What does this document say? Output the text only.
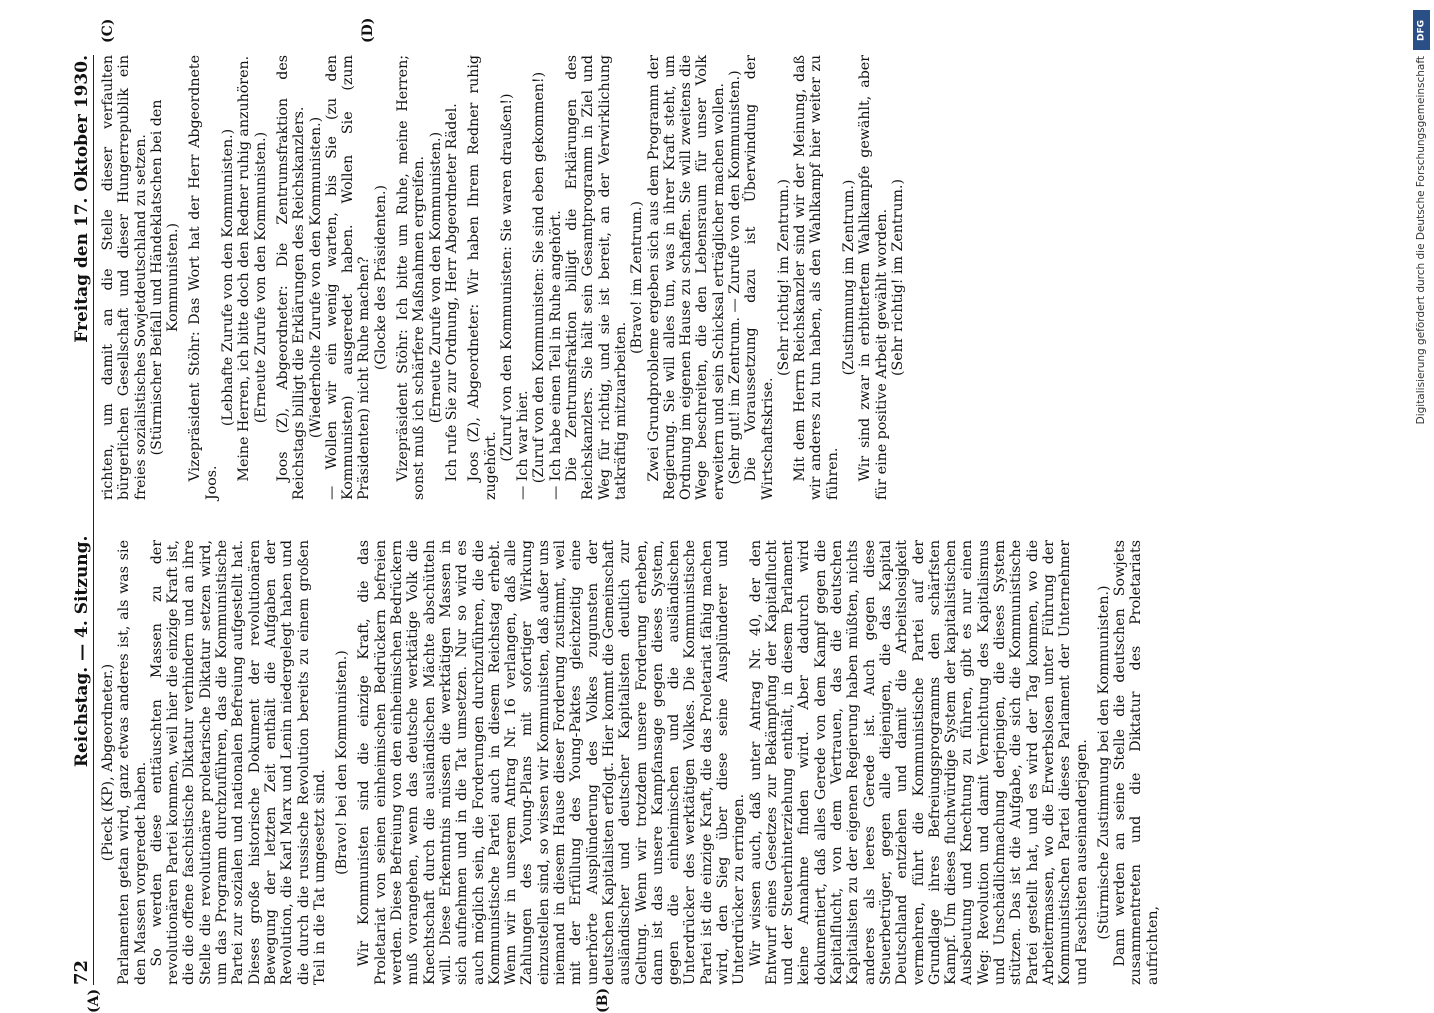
72
Reichstag. — 4. Sitzung.
Freitag den 17. Oktober 1930.
(A)	(B)
(C)	(D)

(Pieck (KP), Abgeordneter.) Parlamenten getan wird, ganz etwas anderes ist, als was sie den Massen vorgeredet haben. So werden diese enttäuschten Massen zu der revolutionären Partei kommen, weil hier die einzige Kraft ist, die die offene faschistische Diktatur verhindern und an ihre Stelle die revolutionäre proletarische Diktatur setzen wird, um das Programm durchzuführen, das die Kommunistische Partei zur sozialen und nationalen Befreiung aufgestellt hat. Dieses große historische Dokument der revolutionären Bewegung der letzten Zeit enthält die Aufgaben der Revolution, die Karl Marx und Lenin niedergelegt haben und die durch die russische Revolution bereits zu einem großen Teil in die Tat umgesetzt sind.

(Bravo! bei den Kommunisten.) Wir Kommunisten sind die einzige Kraft, die das Proletariat von seinen einheimischen Bedrückern befreien werden. Diese Befreiung von den einheimischen Bedrückern muß vorangehen, wenn das deutsche werktätige Volk die Knechtschaft durch die ausländischen Mächte abschütteln will. Diese Erkenntnis müssen die werktätigen Massen in sich aufnehmen und in die Tat umsetzen. Nur so wird es auch möglich sein, die Forderungen durchzuführen, die die Kommunistische Partei auch in diesem Reichstag erhebt. Wenn wir in unserem Antrag Nr. 16 verlangen, daß alle Zahlungen des Young-Plans mit sofortiger Wirkung einzustellen sind, so wissen wir Kommunisten, daß außer uns niemand in diesem Hause dieser Forderung zustimmt, weil mit der Erfüllung des Young-Paktes gleichzeitig eine unerhörte Ausplünderung des Volkes zugunsten der deutschen Kapitalisten erfolgt. Hier kommt die Gemeinschaft ausländischer und deutscher Kapitalisten deutlich zur Geltung. Wenn wir trotzdem unsere Forderung erheben, dann ist das unsere Kampfansage gegen dieses System, gegen die einheimischen und die ausländischen Unterdrücker des werktätigen Volkes. Die Kommunistische Partei ist die einzige Kraft, die das Proletariat fähig machen wird, den Sieg über diese seine Ausplünderer und Unterdrücker zu erringen. Wir wissen auch, daß unter Antrag Nr. 40, der den Entwurf eines Gesetzes zur Bekämpfung der Kapitalflucht und der Steuerhinterziehung enthält, in diesem Parlament keine Annahme finden wird. Aber dadurch wird dokumentiert, daß alles Gerede von dem Kampf gegen die Kapitalflucht, von dem Vertrauen, das die deutschen Kapitalisten zu der eigenen Regierung haben müßten, nichts anderes als leeres Gerede ist. Auch gegen diese Steuerbetrüger, gegen alle diejenigen, die das Kapital Deutschland entziehen und damit die Arbeitslosigkeit vermehren, führt die Kommunistische Partei auf der Grundlage ihres Befreiungsprogramms den schärfsten Kampf. Um dieses fluchwürdige System der kapitalistischen Ausbeutung und Knechtung zu führen, gibt es nur einen Weg: Revolution und damit Vernichtung des Kapitalismus und Unschädlichmachung derjenigen, die dieses System stützen. Das ist die Aufgabe, die sich die Kommunistische Partei gestellt hat, und es wird der Tag kommen, wo die Arbeitermassen, wo die Erwerbslosen unter Führung der Kommunistischen Partei dieses Parlament der Unternehmer und Faschisten auseinanderjagen. (Stürmische Zustimmung bei den Kommunisten.) Dann werden an seine Stelle die deutschen Sowjets zusammentreten und die Diktatur des Proletariats aufrichten,

richten, um damit an die Stelle dieser verfaulten bürgerlichen Gesellschaft und dieser Hungerrepublik ein freies sozialistisches Sowjetdeutschland zu setzen. (Stürmischer Beifall und Händeklatschen bei den Kommunisten.) Vizepräsident Stöhr: Das Wort hat der Herr Abgeordnete Joos.

(Lebhafte Zurufe von den Kommunisten.) Meine Herren, ich bitte doch den Redner ruhig anzuhören. (Erneute Zurufe von den Kommunisten.) Joos (Z), Abgeordneter: Die Zentrumsfraktion des Reichstags billigt die Erklärungen des Reichskanzlers. (Wiederholte Zurufe von den Kommunisten.) — Wollen wir ein wenig warten, bis Sie (zu den Kommunisten) ausgeredet haben. Wollen Sie (zum Präsidenten) nicht Ruhe machen? (Glocke des Präsidenten.) Vizepräsident Stöhr: Ich bitte um Ruhe, meine Herren; sonst muß ich schärfere Maßnahmen ergreifen. (Erneute Zurufe von den Kommunisten.) Ich rufe Sie zur Ordnung, Herr Abgeordneter Rädel. Joos (Z), Abgeordneter: Wir haben Ihrem Redner ruhig zugehört.

(Zuruf von den Kommunisten: Sie waren draußen!) — Ich war hier. (Zuruf von den Kommunisten: Sie sind eben gekommen!) — Ich habe einen Teil in Ruhe angehört. Die Zentrumsfraktion billigt die Erklärungen des Reichskanzlers. Sie hält sein Gesamtprogramm in Ziel und Weg für richtig, und sie ist bereit, an der Verwirklichung tatkräftig mitzuarbeiten.

(Bravo! im Zentrum.) Zwei Grundprobleme ergeben sich aus dem Programm der Regierung. Sie will alles tun, was in ihrer Kraft steht, um Ordnung im eigenen Hause zu schaffen. Sie will zweitens die Wege beschreiten, die den Lebensraum für unser Volk erweitern und sein Schicksal erträglicher machen wollen. (Sehr gut! im Zentrum. — Zurufe von den Kommunisten.) Die Voraussetzung dazu ist Überwindung der Wirtschaftskrise.

(Sehr richtig! im Zentrum.) Mit dem Herrn Reichskanzler sind wir der Meinung, daß wir anderes zu tun haben, als den Wahlkampf hier weiter zu führen.

(Zustimmung im Zentrum.) Wir sind zwar in erbittertem Wahlkampfe gewählt, aber für eine positive Arbeit gewählt worden. (Sehr richtig! im Zentrum.)

DFG
Digitalisierung gefördert durch die Deutsche Forschungsgemeinschaft
